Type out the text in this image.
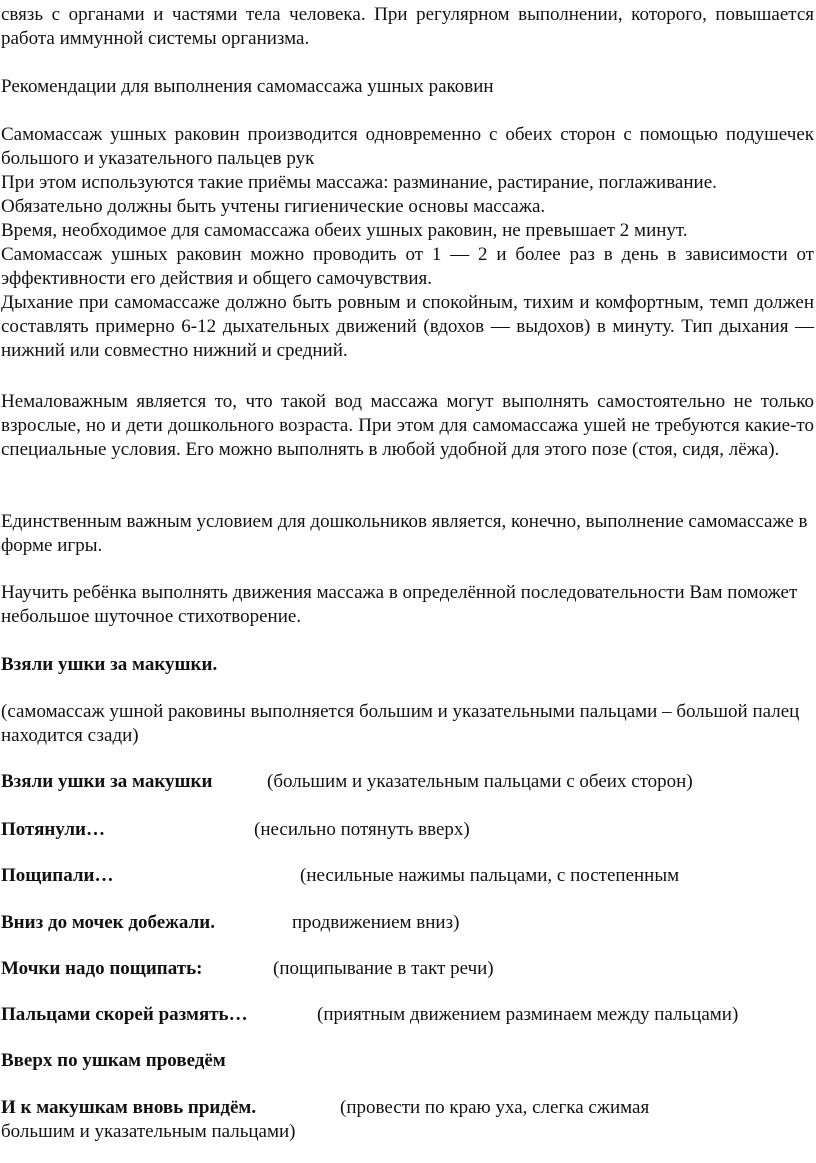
связь с органами и частями тела человека. При регулярном выполнении, которого, повышается работа иммунной системы организма.

Рекомендации для выполнения самомассажа ушных раковин

Самомассаж ушных раковин производится одновременно с обеих сторон с помощью подушечек большого и указательного пальцев рук
При этом используются такие приёмы массажа: разминание, растирание, поглаживание.
Обязательно должны быть учтены гигиенические основы массажа.
Время, необходимое для самомассажа обеих ушных раковин, не превышает 2 минут.
Самомассаж ушных раковин можно проводить от 1 — 2 и более раз в день в зависимости от эффективности его действия и общего самочувствия.
Дыхание при самомассаже должно быть ровным и спокойным, тихим и комфортным, темп должен составлять примерно 6-12 дыхательных движений (вдохов — выдохов) в минуту. Тип дыхания — нижний или совместно нижний и средний.

Немаловажным является то, что такой вод массажа могут выполнять самостоятельно не только взрослые, но и дети дошкольного возраста. При этом для самомассажа ушей не требуются какие-то специальные условия. Его можно выполнять в любой удобной для этого позе (стоя, сидя, лёжа).

Единственным важным условием для дошкольников является, конечно, выполнение самомассаже в форме игры.

Научить ребёнка выполнять движения массажа в определённой последовательности Вам поможет небольшое шуточное стихотворение.

Взяли ушки за макушки.

(самомассаж ушной раковины выполняется большим и указательными пальцами – большой палец находится сзади)

Взяли ушки за макушки	(большим и указательным пальцами с обеих сторон)

Потянули…	(несильно потянуть вверх)

Пощипали…	(несильные нажимы пальцами, с постепенным

Вниз до мочек добежали.	продвижением вниз)

Мочки надо пощипать:	(пощипывание в такт речи)

Пальцами скорей размять…	(приятным движением разминаем между пальцами)

Вверх по ушкам проведём

И к макушкам вновь придём.	(провести по краю уха, слегка сжимая

большим и указательным пальцами)
